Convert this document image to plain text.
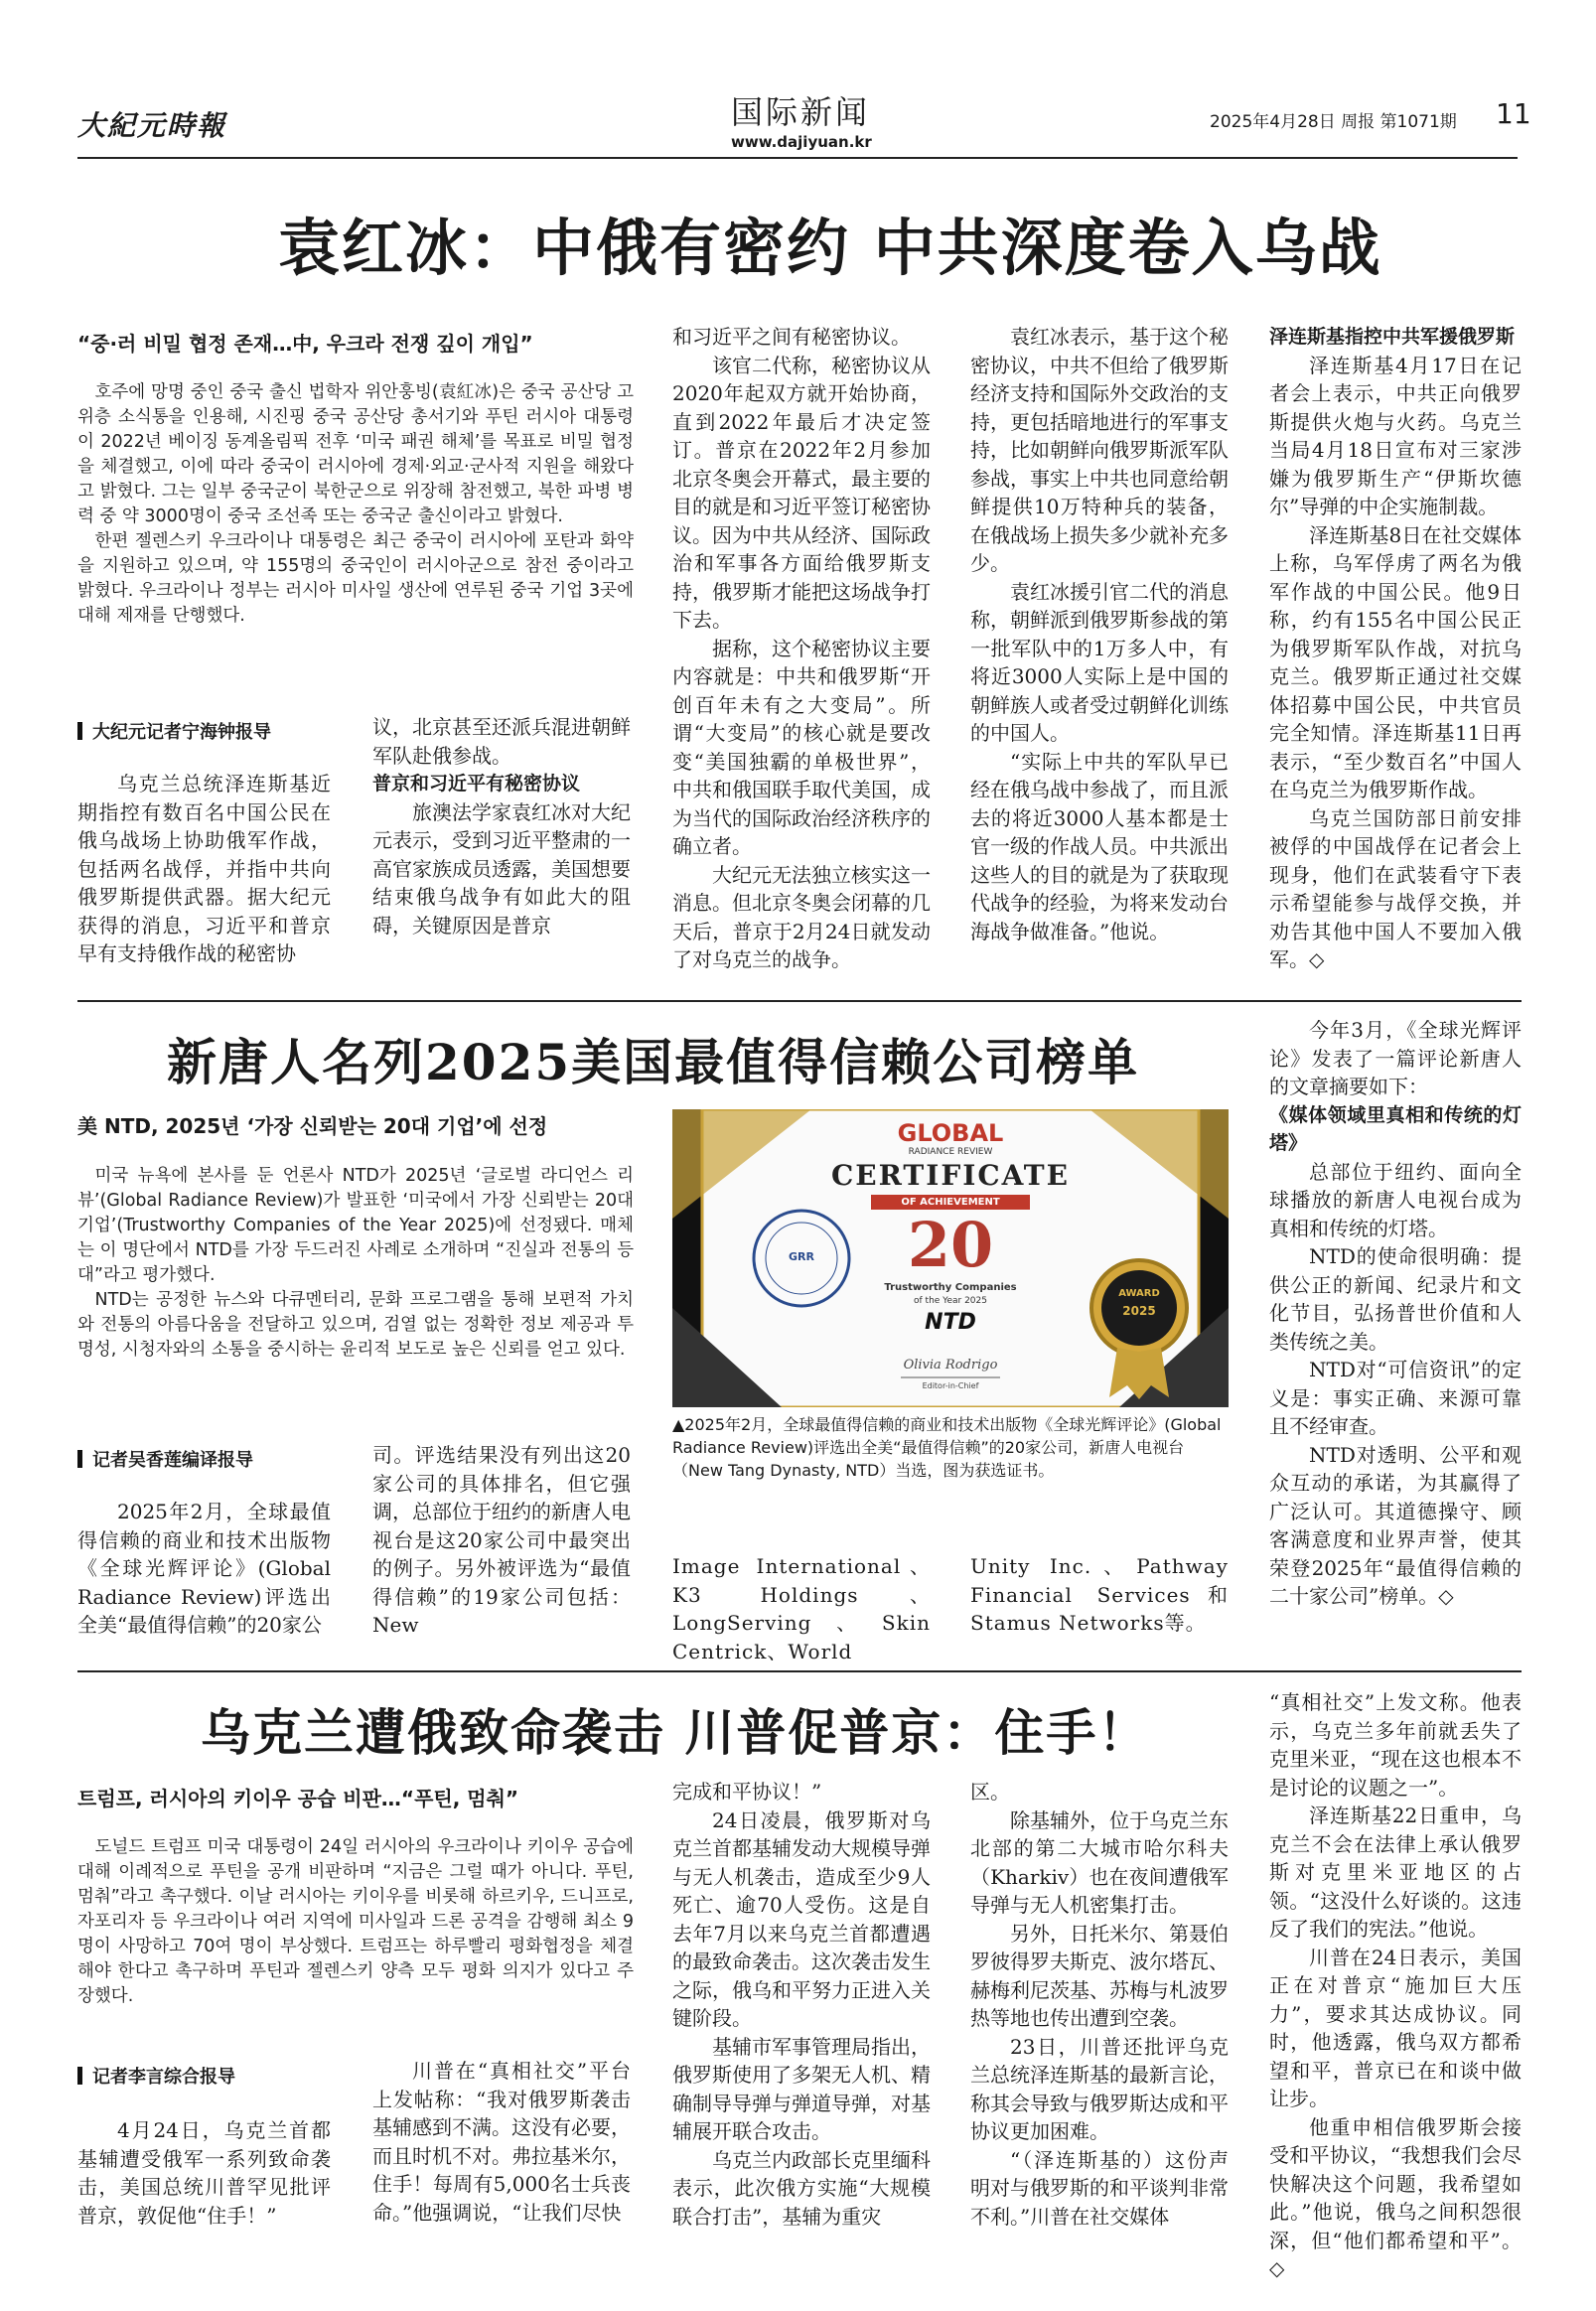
大紀元時報	国际新闻
www.dajiyuan.kr
2025年4月28日 周报 第1071期 11
袁红冰：中俄有密约 中共深度卷入乌战
“중·러 비밀 협정 존재…中, 우크라 전쟁 깊이 개입”

호주에 망명 중인 중국 출신 법학자 위안훙빙(袁紅冰)은 중국 공산당 고위층 소식통을 인용해, 시진핑 중국 공산당 총서기와 푸틴 러시아 대통령이 2022년 베이징 동계올림픽 전후 ‘미국 패권 해체’를 목표로 비밀 협정을 체결했고, 이에 따라 중국이 러시아에 경제·외교·군사적 지원을 해왔다고 밝혔다. 그는 일부 중국군이 북한군으로 위장해 참전했고, 북한 파병 병력 중 약 3000명이 중국 조선족 또는 중국군 출신이라고 밝혔다.

한편 젤렌스키 우크라이나 대통령은 최근 중국이 러시아에 포탄과 화약을 지원하고 있으며, 약 155명의 중국인이 러시아군으로 참전 중이라고 밝혔다. 우크라이나 정부는 러시아 미사일 생산에 연루된 중국 기업 3곳에 대해 제재를 단행했다.

大纪元记者宁海钟报导

乌克兰总统泽连斯基近期指控有数百名中国公民在俄乌战场上协助俄军作战，包括两名战俘，并指中共向俄罗斯提供武器。据大纪元获得的消息，习近平和普京早有支持俄作战的秘密协

议，北京甚至还派兵混进朝鲜军队赴俄参战。

普京和习近平有秘密协议

旅澳法学家袁红冰对大纪元表示，受到习近平整肃的一高官家族成员透露，美国想要结束俄乌战争有如此大的阻碍，关键原因是普京

和习近平之间有秘密协议。

该官二代称，秘密协议从2020年起双方就开始协商，直到2022年最后才决定签订。普京在2022年2月参加北京冬奥会开幕式，最主要的目的就是和习近平签订秘密协议。因为中共从经济、国际政治和军事各方面给俄罗斯支持，俄罗斯才能把这场战争打下去。

据称，这个秘密协议主要内容就是：中共和俄罗斯“开创百年未有之大变局”。所谓“大变局”的核心就是要改变“美国独霸的单极世界”，中共和俄国联手取代美国，成为当代的国际政治经济秩序的确立者。

大纪元无法独立核实这一消息。但北京冬奥会闭幕的几天后，普京于2月24日就发动了对乌克兰的战争。

袁红冰表示，基于这个秘密协议，中共不但给了俄罗斯经济支持和国际外交政治的支持，更包括暗地进行的军事支持，比如朝鲜向俄罗斯派军队参战，事实上中共也同意给朝鲜提供10万特种兵的装备，在俄战场上损失多少就补充多少。

袁红冰援引官二代的消息称，朝鲜派到俄罗斯参战的第一批军队中的1万多人中，有将近3000人实际上是中国的朝鲜族人或者受过朝鲜化训练的中国人。

“实际上中共的军队早已经在俄乌战中参战了，而且派去的将近3000人基本都是士官一级的作战人员。中共派出这些人的目的就是为了获取现代战争的经验，为将来发动台海战争做准备。”他说。

泽连斯基指控中共军援俄罗斯

泽连斯基4月17日在记者会上表示，中共正向俄罗斯提供火炮与火药。乌克兰当局4月18日宣布对三家涉嫌为俄罗斯生产“伊斯坎德尔”导弹的中企实施制裁。

泽连斯基8日在社交媒体上称，乌军俘虏了两名为俄军作战的中国公民。他9日称，约有155名中国公民正为俄罗斯军队作战，对抗乌克兰。俄罗斯正通过社交媒体招募中国公民，中共官员完全知情。泽连斯基11日再表示，“至少数百名”中国人在乌克兰为俄罗斯作战。

乌克兰国防部日前安排被俘的中国战俘在记者会上现身，他们在武装看守下表示希望能参与战俘交换，并劝告其他中国人不要加入俄军。◇

新唐人名列2025美国最值得信赖公司榜单
美 NTD, 2025년 ‘가장 신뢰받는 20대 기업’에 선정

미국 뉴욕에 본사를 둔 언론사 NTD가 2025년 ‘글로벌 라디언스 리뷰’(Global Radiance Review)가 발표한 ‘미국에서 가장 신뢰받는 20대 기업’(Trustworthy Companies of the Year 2025)에 선정됐다. 매체는 이 명단에서 NTD를 가장 두드러진 사례로 소개하며 “진실과 전통의 등대”라고 평가했다.

NTD는 공정한 뉴스와 다큐멘터리, 문화 프로그램을 통해 보편적 가치와 전통의 아름다움을 전달하고 있으며, 검열 없는 정확한 정보 제공과 투명성, 시청자와의 소통을 중시하는 윤리적 보도로 높은 신뢰를 얻고 있다.

记者吴香莲编译报导

2025年2月，全球最值得信赖的商业和技术出版物《全球光辉评论》(Global Radiance Review)评选出全美“最值得信赖”的20家公

司。评选结果没有列出这20家公司的具体排名，但它强调，总部位于纽约的新唐人电视台是这20家公司中最突出的例子。另外被评选为“最值得信赖”的19家公司包括：New

GLOBAL
RADIANCE REVIEW
CERTIFICATE
OF ACHIEVEMENT
20
Trustworthy Companies
of the Year 2025
NTD
GRR
AWARD
2025
Olivia Rodrigo
Editor-in-Chief
▲2025年2月，全球最值得信赖的商业和技术出版物《全球光辉评论》(Global Radiance Review)评选出全美“最值得信赖”的20家公司，新唐人电视台（New Tang Dynasty, NTD）当选，图为获选证书。

Image International、K3 Holdings、LongServing、Skin Centrick、World

Unity Inc.、Pathway Financial Services和Stamus Networks等。

今年3月，《全球光辉评论》发表了一篇评论新唐人的文章摘要如下：

《媒体领域里真相和传统的灯塔》

总部位于纽约、面向全球播放的新唐人电视台成为真相和传统的灯塔。

NTD的使命很明确：提供公正的新闻、纪录片和文化节目，弘扬普世价值和人类传统之美。

NTD对“可信资讯”的定义是：事实正确、来源可靠且不经审查。

NTD对透明、公平和观众互动的承诺，为其赢得了广泛认可。其道德操守、顾客满意度和业界声誉，使其荣登2025年“最值得信赖的二十家公司”榜单。◇

乌克兰遭俄致命袭击 川普促普京：住手！
트럼프, 러시아의 키이우 공습 비판…“푸틴, 멈춰”

도널드 트럼프 미국 대통령이 24일 러시아의 우크라이나 키이우 공습에 대해 이례적으로 푸틴을 공개 비판하며 “지금은 그럴 때가 아니다. 푸틴, 멈춰”라고 촉구했다. 이날 러시아는 키이우를 비롯해 하르키우, 드니프로, 자포리자 등 우크라이나 여러 지역에 미사일과 드론 공격을 감행해 최소 9명이 사망하고 70여 명이 부상했다. 트럼프는 하루빨리 평화협정을 체결해야 한다고 촉구하며 푸틴과 젤렌스키 양측 모두 평화 의지가 있다고 주장했다.

记者李言综合报导

4月24日，乌克兰首都基辅遭受俄军一系列致命袭击，美国总统川普罕见批评普京，敦促他“住手！”

川普在“真相社交”平台上发帖称：“我对俄罗斯袭击基辅感到不满。这没有必要，而且时机不对。弗拉基米尔，住手！每周有5,000名士兵丧命。”他强调说，“让我们尽快

完成和平协议！”

24日凌晨，俄罗斯对乌克兰首都基辅发动大规模导弹与无人机袭击，造成至少9人死亡、逾70人受伤。这是自去年7月以来乌克兰首都遭遇的最致命袭击。这次袭击发生之际，俄乌和平努力正进入关键阶段。

基辅市军事管理局指出，俄罗斯使用了多架无人机、精确制导导弹与弹道导弹，对基辅展开联合攻击。

乌克兰内政部长克里缅科表示，此次俄方实施“大规模联合打击”，基辅为重灾

区。

除基辅外，位于乌克兰东北部的第二大城市哈尔科夫（Kharkiv）也在夜间遭俄军导弹与无人机密集打击。

另外，日托米尔、第聂伯罗彼得罗夫斯克、波尔塔瓦、赫梅利尼茨基、苏梅与札波罗热等地也传出遭到空袭。

23日，川普还批评乌克兰总统泽连斯基的最新言论，称其会导致与俄罗斯达成和平协议更加困难。

“（泽连斯基的）这份声明对与俄罗斯的和平谈判非常不利。”川普在社交媒体

“真相社交”上发文称。他表示，乌克兰多年前就丢失了克里米亚，“现在这也根本不是讨论的议题之一”。

泽连斯基22日重申，乌克兰不会在法律上承认俄罗斯对克里米亚地区的占领。“这没什么好谈的。这违反了我们的宪法。”他说。

川普在24日表示，美国正在对普京“施加巨大压力”，要求其达成协议。同时，他透露，俄乌双方都希望和平，普京已在和谈中做让步。

他重申相信俄罗斯会接受和平协议，“我想我们会尽快解决这个问题，我希望如此。”他说，俄乌之间积怨很深，但“他们都希望和平”。◇
